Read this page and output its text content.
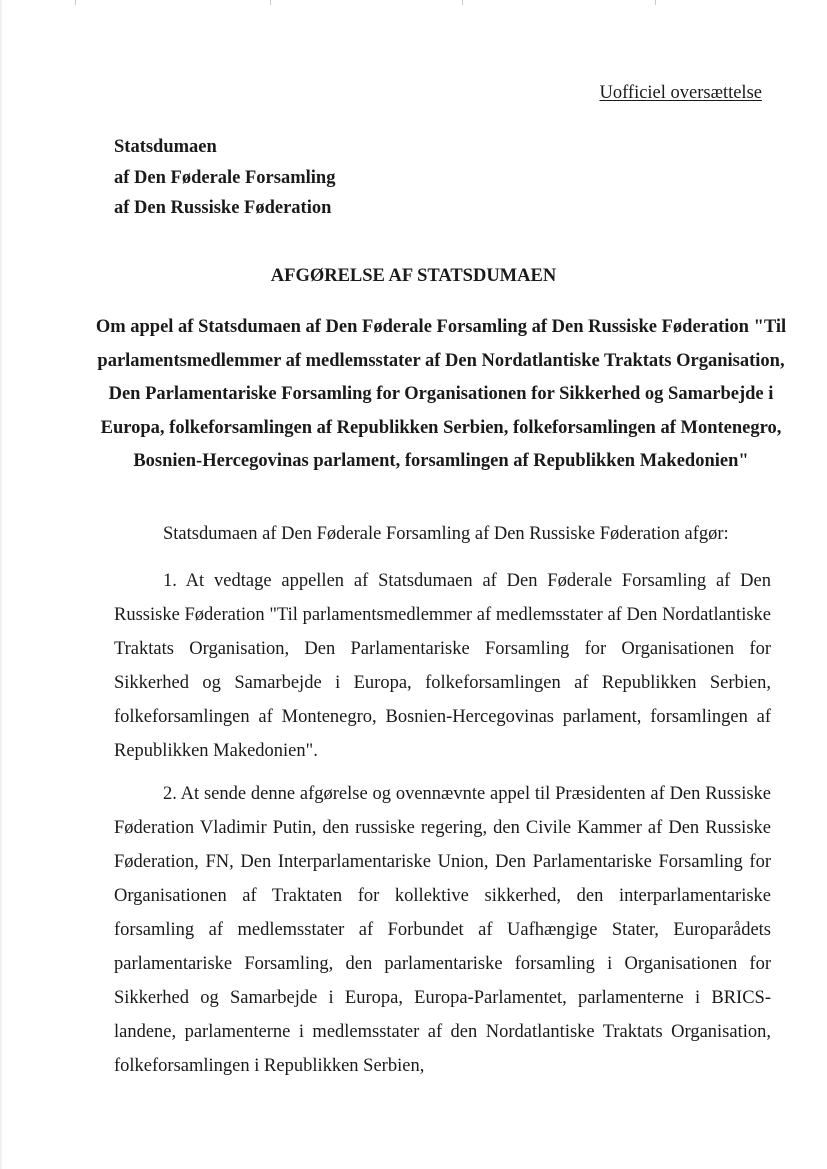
Uofficiel oversættelse
Statsdumaen
af Den Føderale Forsamling
af Den Russiske Føderation
AFGØRELSE AF STATSDUMAEN
Om appel af Statsdumaen af Den Føderale Forsamling af Den Russiske Føderation "Til parlamentsmedlemmer af medlemsstater af Den Nordatlantiske Traktats Organisation, Den Parlamentariske Forsamling for Organisationen for Sikkerhed og Samarbejde i Europa, folkeforsamlingen af Republikken Serbien, folkeforsamlingen af Montenegro, Bosnien-Hercegovinas parlament, forsamlingen af Republikken Makedonien"
Statsdumaen af Den Føderale Forsamling af Den Russiske Føderation afgør:
1. At vedtage appellen af Statsdumaen af Den Føderale Forsamling af Den Russiske Føderation "Til parlamentsmedlemmer af medlemsstater af Den Nordatlantiske Traktats Organisation, Den Parlamentariske Forsamling for Organisationen for Sikkerhed og Samarbejde i Europa, folkeforsamlingen af Republikken Serbien, folkeforsamlingen af Montenegro, Bosnien-Hercegovinas parlament, forsamlingen af Republikken Makedonien".
2. At sende denne afgørelse og ovennævnte appel til Præsidenten af Den Russiske Føderation Vladimir Putin, den russiske regering, den Civile Kammer af Den Russiske Føderation, FN, Den Interparlamentariske Union, Den Parlamentariske Forsamling for Organisationen af Traktaten for kollektive sikkerhed, den interparlamentariske forsamling af medlemsstater af Forbundet af Uafhængige Stater, Europarådets parlamentariske Forsamling, den parlamentariske forsamling i Organisationen for Sikkerhed og Samarbejde i Europa, Europa-Parlamentet, parlamenterne i BRICS-landene, parlamenterne i medlemsstater af den Nordatlantiske Traktats Organisation, folkeforsamlingen i Republikken Serbien,
